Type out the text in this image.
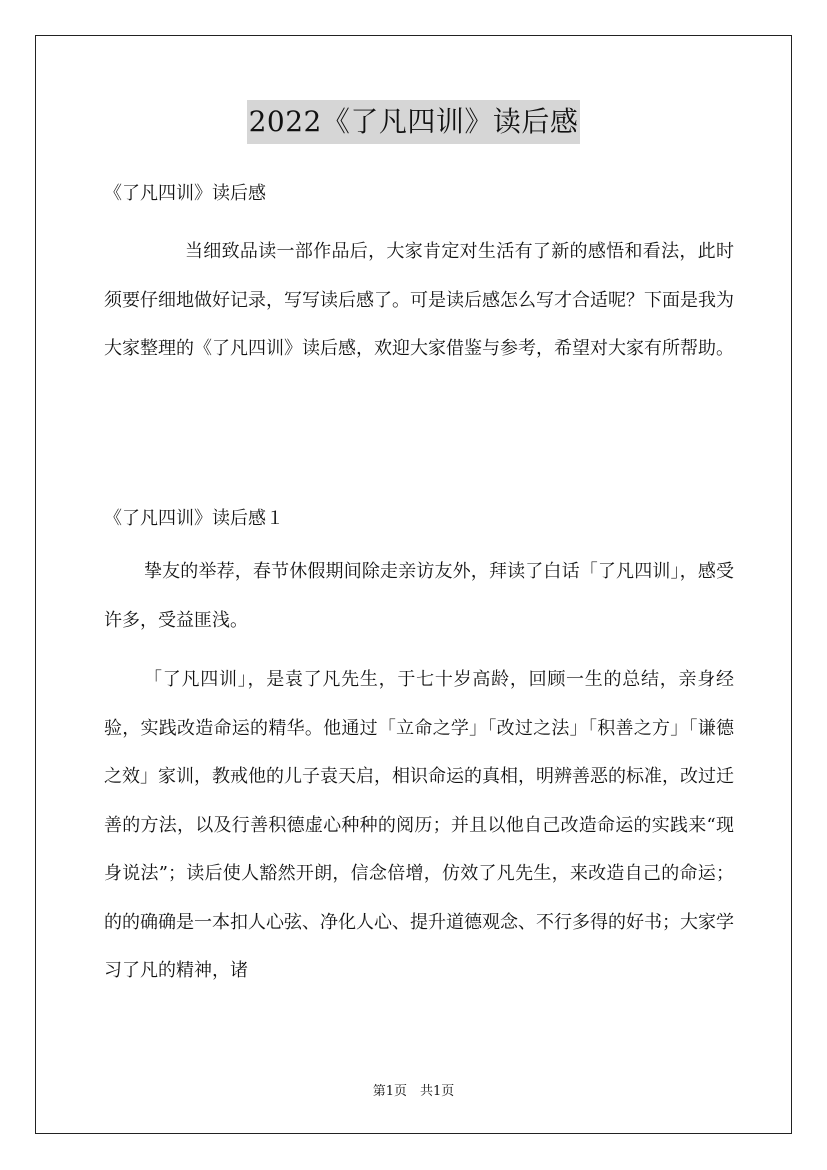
2022《了凡四训》读后感
《了凡四训》读后感

当细致品读一部作品后，大家肯定对生活有了新的感悟和看法，此时须要仔细地做好记录，写写读后感了。可是读后感怎么写才合适呢？下面是我为大家整理的《了凡四训》读后感，欢迎大家借鉴与参考，希望对大家有所帮助。

《了凡四训》读后感１

挚友的举荐，春节休假期间除走亲访友外，拜读了白话「了凡四训」，感受许多，受益匪浅。

「了凡四训」，是袁了凡先生，于七十岁高龄，回顾一生的总结，亲身经验，实践改造命运的精华。他通过「立命之学」「改过之法」「积善之方」「谦德之效」家训，教戒他的儿子袁天启，相识命运的真相，明辨善恶的标准，改过迁善的方法，以及行善积德虚心种种的阅历；并且以他自己改造命运的实践来“现身说法”；读后使人豁然开朗，信念倍增，仿效了凡先生，来改造自己的命运；的的确确是一本扣人心弦、净化人心、提升道德观念、不行多得的好书；大家学习了凡的精神，诸

第1页　共1页
